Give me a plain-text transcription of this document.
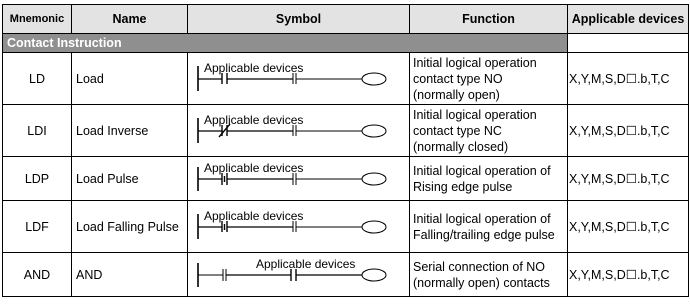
Mnemonic	Name	Symbol	Function	Applicable devices
Contact Instruction				
LD	Load	Applicable devices	Initial logical operation
contact type NO
(normally open)	X,Y,M,S,D☐.b,T,C
LDI	Load Inverse	Applicable devices	Initial logical operation
contact type NC
(normally closed)	X,Y,M,S,D☐.b,T,C
LDP	Load Pulse	Applicable devices	Initial logical operation of
Rising edge pulse	X,Y,M,S,D☐.b,T,C
LDF	Load Falling Pulse	Applicable devices	Initial logical operation of
Falling/trailing edge pulse	X,Y,M,S,D☐.b,T,C
AND	AND	Applicable devices	Serial connection of NO
(normally open) contacts	X,Y,M,S,D☐.b,T,C
